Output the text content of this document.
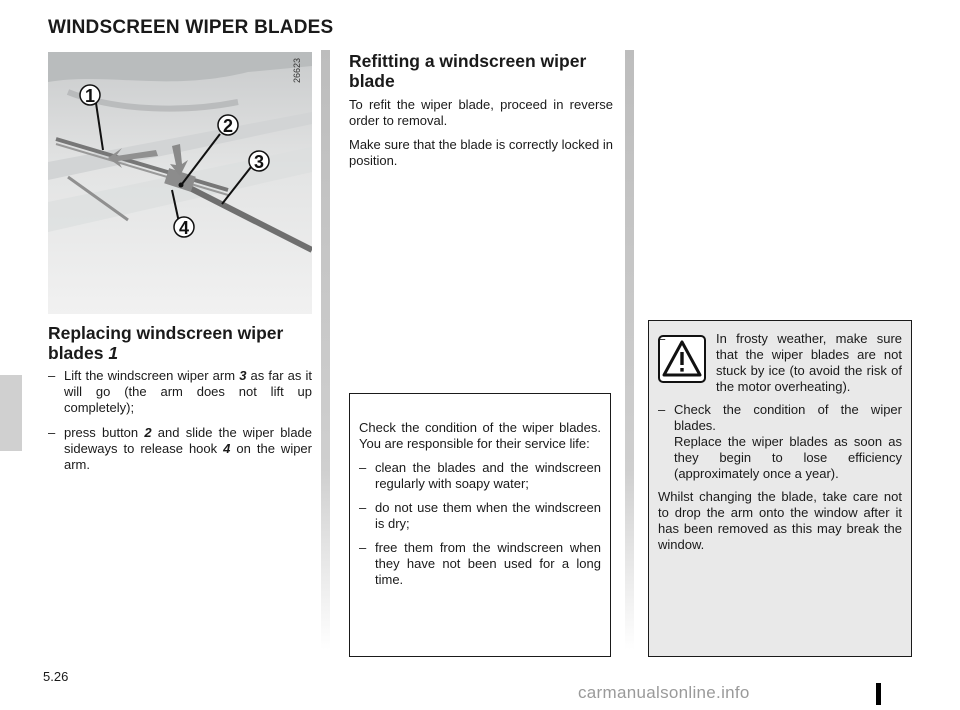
WINDSCREEN WIPER BLADES
1
2
3
4
26623
Replacing windscreen wiper blades 1

– Lift the windscreen wiper arm 3 as far as it will go (the arm does not lift up completely);

– press button 2 and slide the wiper blade sideways to release hook 4 on the wiper arm.

Refitting a windscreen wiper blade

To refit the wiper blade, proceed in reverse order to removal.

Make sure that the blade is correctly locked in position.

Check the condition of the wiper blades. You are responsible for their service life:

– clean the blades and the windscreen regularly with soapy water;

– do not use them when the windscreen is dry;

– free them from the windscreen when they have not been used for a long time.

–	In frosty weather, make sure that the wiper blades are not stuck by ice (to avoid the risk of the motor overheating).

– Check the condition of the wiper blades.

Replace the wiper blades as soon as they begin to lose efficiency (approximately once a year).

Whilst changing the blade, take care not to drop the arm onto the window after it has been removed as this may break the window.

5.26
carmanualsonline.info
